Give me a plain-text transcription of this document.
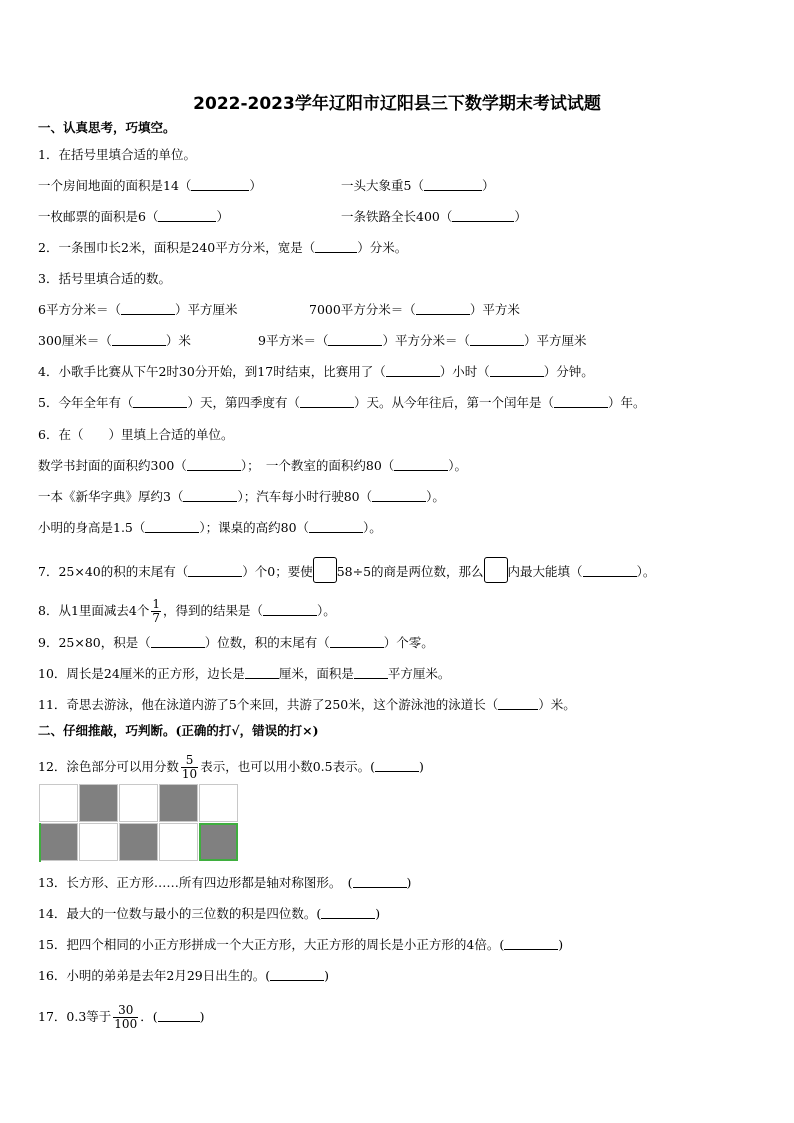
2022-2023学年辽阳市辽阳县三下数学期末考试试题
一、认真思考，巧填空。
1．在括号里填合适的单位。
一个房间地面的面积是14（	）	一头大象重5（	）
一枚邮票的面积是6（	）	一条铁路全长400（	）
2．一条围巾长2米，面积是240平方分米，宽是（	）分米。
3．括号里填合适的数。
6平方分米＝（	）平方厘米	7000平方分米＝（	）平方米
300厘米＝（	）米	9平方米＝（	）平方分米＝（	）平方厘米
4．小歌手比赛从下午2时30分开始，到17时结束，比赛用了（	）小时（	）分钟。
5．今年全年有（	）天，第四季度有（	）天。从今年往后，第一个闰年是（	）年。
6．在（　　）里填上合适的单位。
数学书封面的面积约300（	）；　一个教室的面积约80（	）。
一本《新华字典》厚约3（	）；汽车每小时行驶80（	）。
小明的身高是1.5（	）；课桌的高约80（	）。
7．25×40的积的末尾有（	）个0；要使 58÷5的商是两位数，那么 内最大能填（	）。
8．从1里面减去4个 $\frac{1}{7}$ ，得到的结果是（	）。
9．25×80，积是（	）位数，积的末尾有（	）个零。
10．周长是24厘米的正方形，边长是	厘米，面积是	平方厘米。
11．奇思去游泳，他在泳道内游了5个来回，共游了250米，这个游泳池的泳道长（	）米。
二、仔细推敲，巧判断。(正确的打√，错误的打×)
12．涂色部分可以用分数 $\frac{5}{10}$ 表示，也可以用小数0.5表示。(	)
13．长方形、正方形……所有四边形都是轴对称图形。　(	)
14．最大的一位数与最小的三位数的积是四位数。(	)
15．把四个相同的小正方形拼成一个大正方形，大正方形的周长是小正方形的4倍。(	)
16．小明的弟弟是去年2月29日出生的。(	)
17．0.3等于 $\frac{30}{100}$ ．(	)
